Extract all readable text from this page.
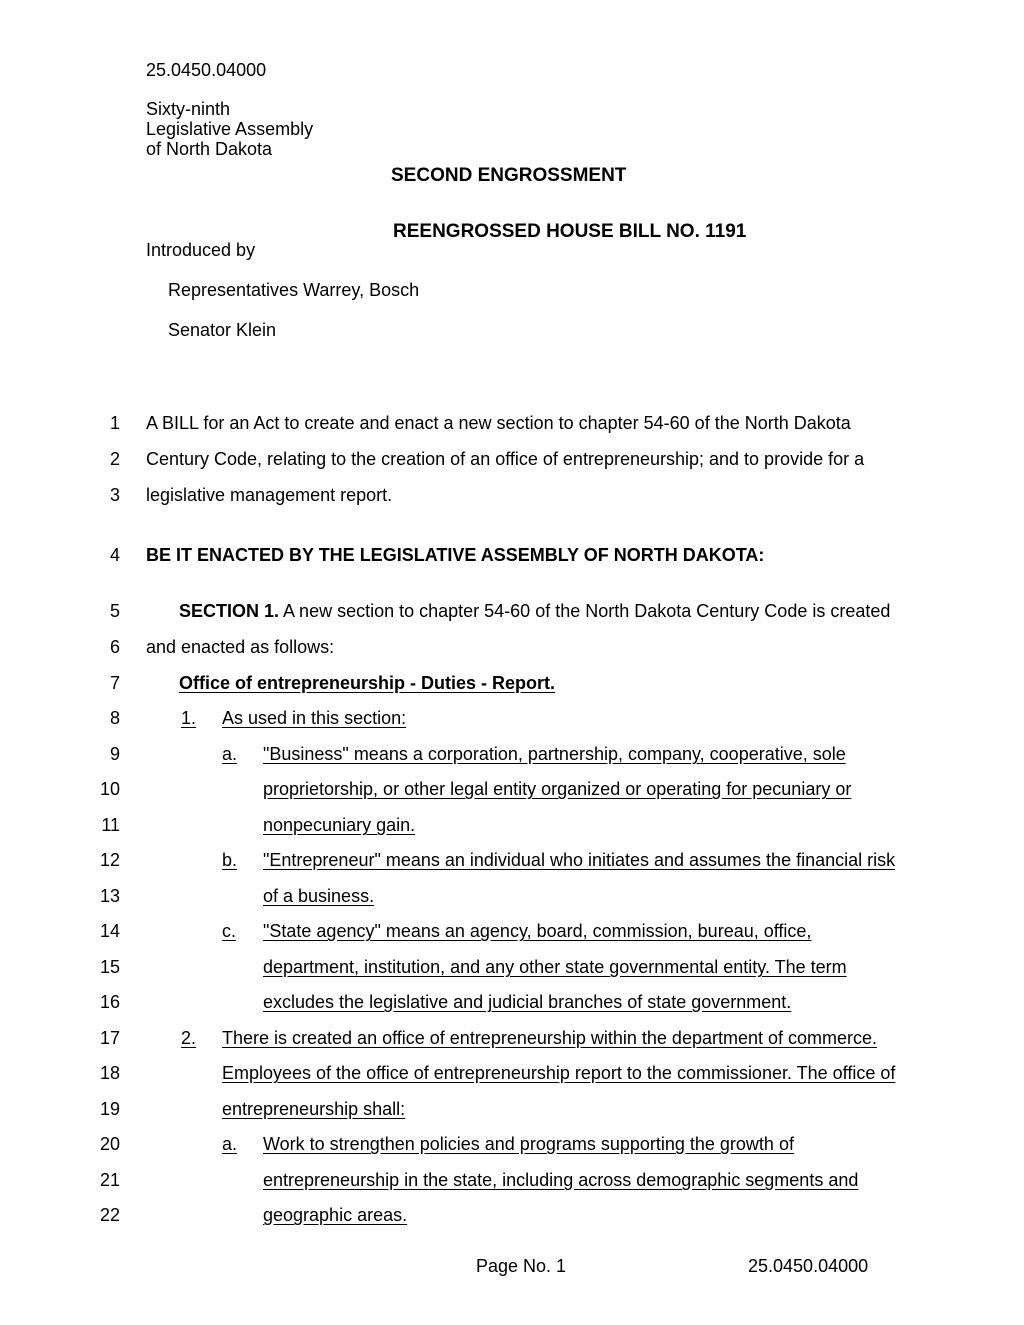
25.0450.04000
Sixty-ninth
Legislative Assembly
of North Dakota
SECOND ENGROSSMENT
REENGROSSED HOUSE BILL NO. 1191
Introduced by
Representatives Warrey, Bosch
Senator Klein
1 A BILL for an Act to create and enact a new section to chapter 54-60 of the North Dakota
2 Century Code, relating to the creation of an office of entrepreneurship; and to provide for a
3 legislative management report.
4 BE IT ENACTED BY THE LEGISLATIVE ASSEMBLY OF NORTH DAKOTA:
5	SECTION 1. A new section to chapter 54-60 of the North Dakota Century Code is created
6 and enacted as follows:
7	Office of entrepreneurship - Duties - Report.
8	1. As used in this section:
9	a. "Business" means a corporation, partnership, company, cooperative, sole
10	proprietorship, or other legal entity organized or operating for pecuniary or
11	nonpecuniary gain.
12	b. "Entrepreneur" means an individual who initiates and assumes the financial risk
13	of a business.
14	c. "State agency" means an agency, board, commission, bureau, office,
15	department, institution, and any other state governmental entity. The term
16	excludes the legislative and judicial branches of state government.
17	2. There is created an office of entrepreneurship within the department of commerce.
18	Employees of the office of entrepreneurship report to the commissioner. The office of
19	entrepreneurship shall:
20	a. Work to strengthen policies and programs supporting the growth of
21	entrepreneurship in the state, including across demographic segments and
22	geographic areas.
Page No. 1	25.0450.04000
